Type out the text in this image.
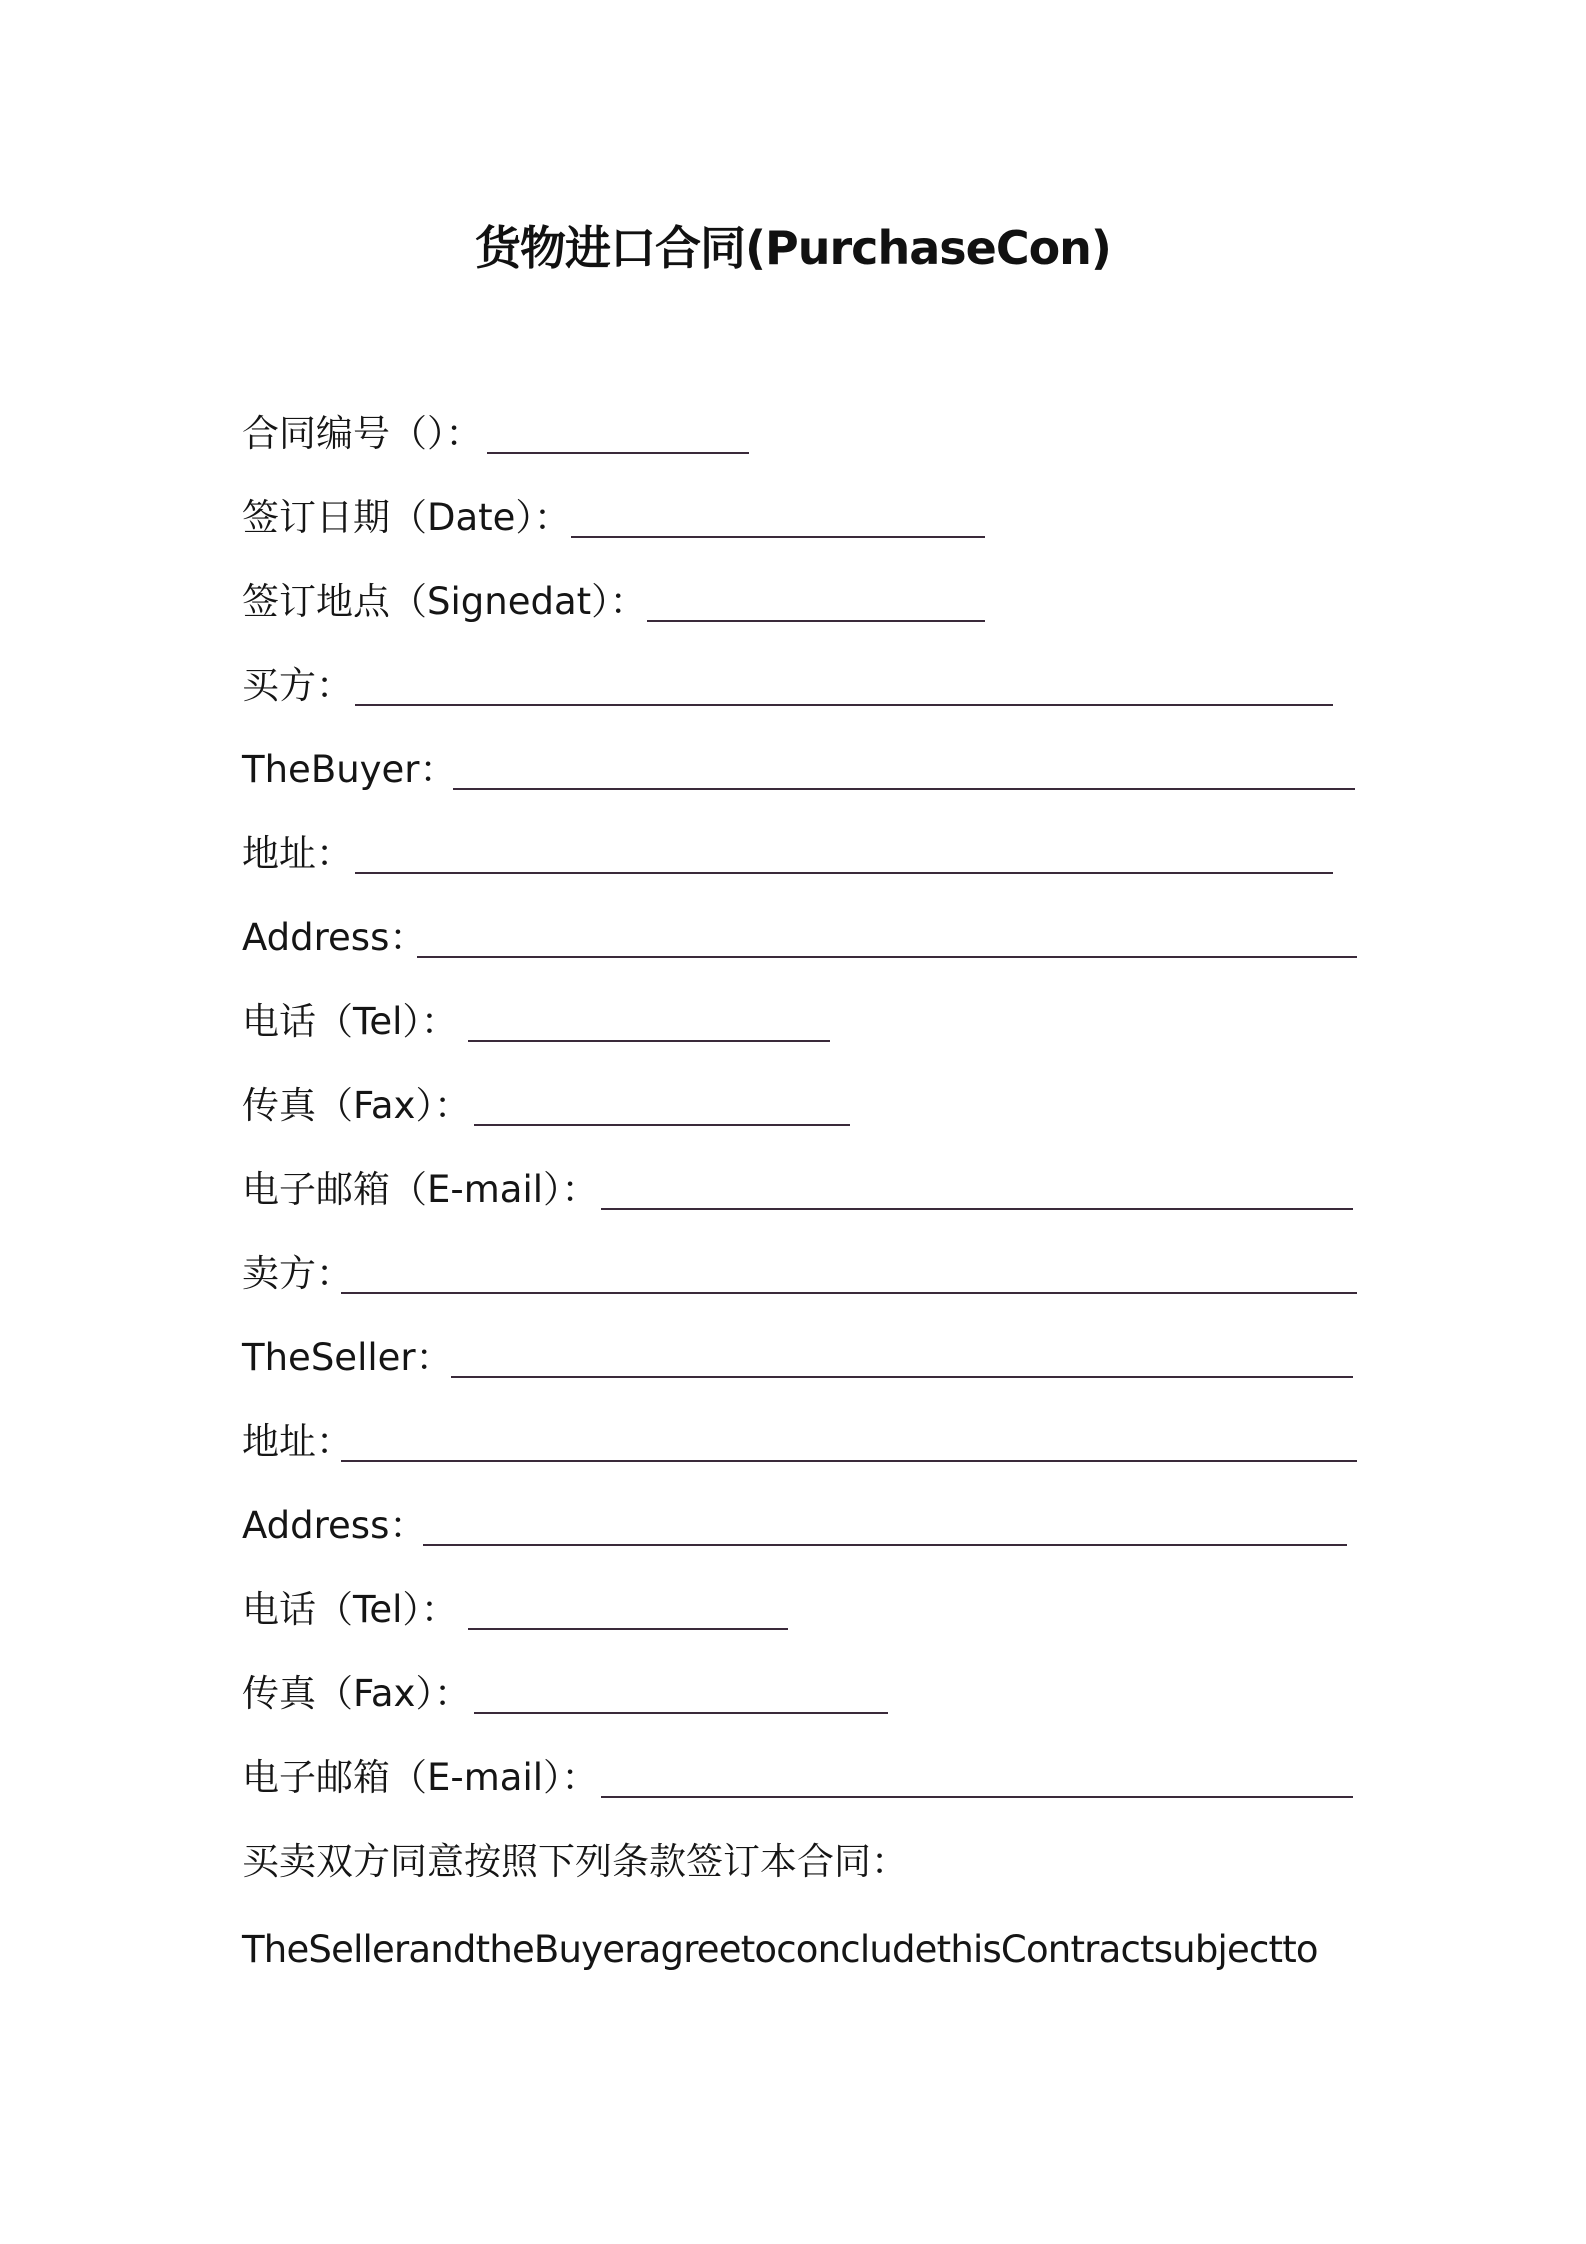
货物进口合同(PurchaseCon)
合同编号（）：
签订日期（Date）：
签订地点（Signedat）：
买方：
TheBuyer：
地址：
Address：
电话（Tel）：
传真（Fax）：
电子邮箱（E-mail）：
卖方：
TheSeller：
地址：
Address：
电话（Tel）：
传真（Fax）：
电子邮箱（E-mail）：
买卖双方同意按照下列条款签订本合同：
TheSellerandtheBuyeragreetoconcludethisContractsubjectto
